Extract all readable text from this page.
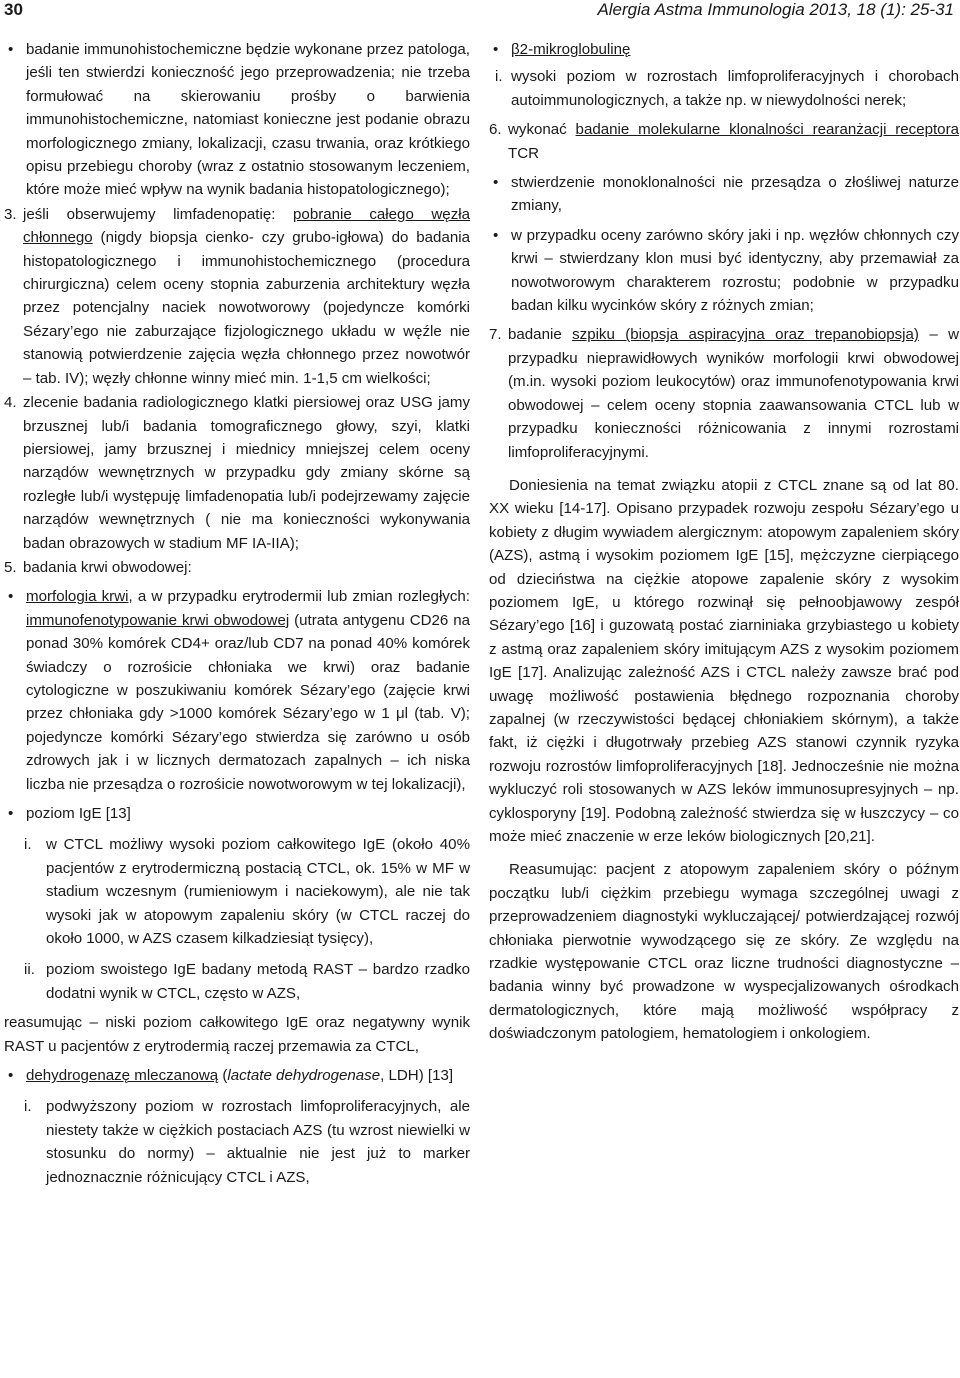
30	Alergia Astma Immunologia 2013, 18 (1): 25-31
• badanie immunohistochemiczne będzie wykonane przez patologa, jeśli ten stwierdzi konieczność jego przeprowadzenia; nie trzeba formułować na skierowaniu prośby o barwienia immunohistochemiczne, natomiast konieczne jest podanie obrazu morfologicznego zmiany, lokalizacji, czasu trwania, oraz krótkiego opisu przebiegu choroby (wraz z ostatnio stosowanym leczeniem, które może mieć wpływ na wynik badania histopatologicznego);
3. jeśli obserwujemy limfadenopatię: pobranie całego węzła chłonnego (nigdy biopsja cienko- czy grubo-igłowa) do badania histopatologicznego i immunohistochemicznego (procedura chirurgiczna) celem oceny stopnia zaburzenia architektury węzła przez potencjalny naciek nowotworowy (pojedyncze komórki Sézary’ego nie zaburzające fizjologicznego układu w węźle nie stanowią potwierdzenie zajęcia węzła chłonnego przez nowotwór – tab. IV); węzły chłonne winny mieć min. 1-1,5 cm wielkości;
4. zlecenie badania radiologicznego klatki piersiowej oraz USG jamy brzusznej lub/i badania tomograficznego głowy, szyi, klatki piersiowej, jamy brzusznej i miednicy mniejszej celem oceny narządów wewnętrznych w przypadku gdy zmiany skórne są rozległe lub/i występuję limfadenopatia lub/i podejrzewamy zajęcie narządów wewnętrznych ( nie ma konieczności wykonywania badan obrazowych w stadium MF IA-IIA);
5. badania krwi obwodowej:
• morfologia krwi, a w przypadku erytrodermii lub zmian rozległych: immunofenotypowanie krwi obwodowej (utrata antygenu CD26 na ponad 30% komórek CD4+ oraz/lub CD7 na ponad 40% komórek świadczy o rozrośicie chłoniaka we krwi) oraz badanie cytologiczne w poszukiwaniu komórek Sézary’ego (zajęcie krwi przez chłoniaka gdy >1000 komórek Sézary’ego w 1 μl (tab. V); pojedyncze komórki Sézary’ego stwierdza się zarówno u osób zdrowych jak i w licznych dermatozach zapalnych – ich niska liczba nie przesądza o rozrośicie nowotworowym w tej lokalizacji),
• poziom IgE [13]
i. w CTCL możliwy wysoki poziom całkowitego IgE (około 40% pacjentów z erytrodermiczną postacią CTCL, ok. 15% w MF w stadium wczesnym (rumieniowym i naciekowym), ale nie tak wysoki jak w atopowym zapaleniu skóry (w CTCL raczej do około 1000, w AZS czasem kilkadziesiąt tysięcy),
ii. poziom swoistego IgE badany metodą RAST – bardzo rzadko dodatni wynik w CTCL, często w AZS,
reasumując – niski poziom całkowitego IgE oraz negatywny wynik RAST u pacjentów z erytrodermią raczej przemawia za CTCL,
• dehydrogenazę mleczanową (lactate dehydrogenase, LDH) [13]
i. podwyższony poziom w rozrostach limfoproliferacyjnych, ale niestety także w ciężkich postaciach AZS (tu wzrost niewielki w stosunku do normy) – aktualnie nie jest już to marker jednoznacznie różnicujący CTCL i AZS,
• β2-mikroglobulinę
i. wysoki poziom w rozrostach limfoproliferacyjnych i chorobach autoimmunologicznych, a także np. w niewydolności nerek;
6. wykonać badanie molekularne klonalności rearanżacji receptora TCR
• stwierdzenie monoklonalności nie przesądza o złośliwej naturze zmiany,
• w przypadku oceny zarówno skóry jaki i np. węzłów chłonnych czy krwi – stwierdzany klon musi być identyczny, aby przemawiał za nowotworowym charakterem rozrostu; podobnie w przypadku badan kilku wycinków skóry z różnych zmian;
7. badanie szpiku (biopsja aspiracyjna oraz trepanobiopsja) – w przypadku nieprawidłowych wyników morfologii krwi obwodowej (m.in. wysoki poziom leukocytów) oraz immunofenotypowania krwi obwodowej – celem oceny stopnia zaawansowania CTCL lub w przypadku konieczności różnicowania z innymi rozrostami limfoproliferacyjnymi.
Doniesienia na temat związku atopii z CTCL znane są od lat 80. XX wieku [14-17]. Opisano przypadek rozwoju zespołu Sézary’ego u kobiety z długim wywiadem alergicznym: atopowym zapaleniem skóry (AZS), astmą i wysokim poziomem IgE [15], mężczyzne cierpiącego od dzieciństwa na ciężkie atopowe zapalenie skóry z wysokim poziomem IgE, u którego rozwinął się pełnoobjawowy zespół Sézary’ego [16] i guzowatą postać ziarniniaka grzybiastego u kobiety z astmą oraz zapaleniem skóry imitującym AZS z wysokim poziomem IgE [17]. Analizując zależność AZS i CTCL należy zawsze brać pod uwagę możliwość postawienia błędnego rozpoznania choroby zapalnej (w rzeczywistości będącej chłoniakiem skórnym), a także fakt, iż ciężki i długotrwały przebieg AZS stanowi czynnik ryzyka rozwoju rozrostów limfoproliferacyjnych [18]. Jednocześnie nie można wykluczyć roli stosowanych w AZS leków immunosupresyjnych – np. cyklosporyny [19]. Podobną zależność stwierdza się w łuszczycy – co może mieć znaczenie w erze leków biologicznych [20,21].
Reasumując: pacjent z atopowym zapaleniem skóry o późnym początku lub/i ciężkim przebiegu wymaga szczególnej uwagi z przeprowadzeniem diagnostyki wykluczającej/ potwierdzającej rozwój chłoniaka pierwotnie wywodzącego się ze skóry. Ze względu na rzadkie występowanie CTCL oraz liczne trudności diagnostyczne – badania winny być prowadzone w wyspecjalizowanych ośrodkach dermatologicznych, które mają możliwość współpracy z doświadczonym patologiem, hematologiem i onkologiem.
